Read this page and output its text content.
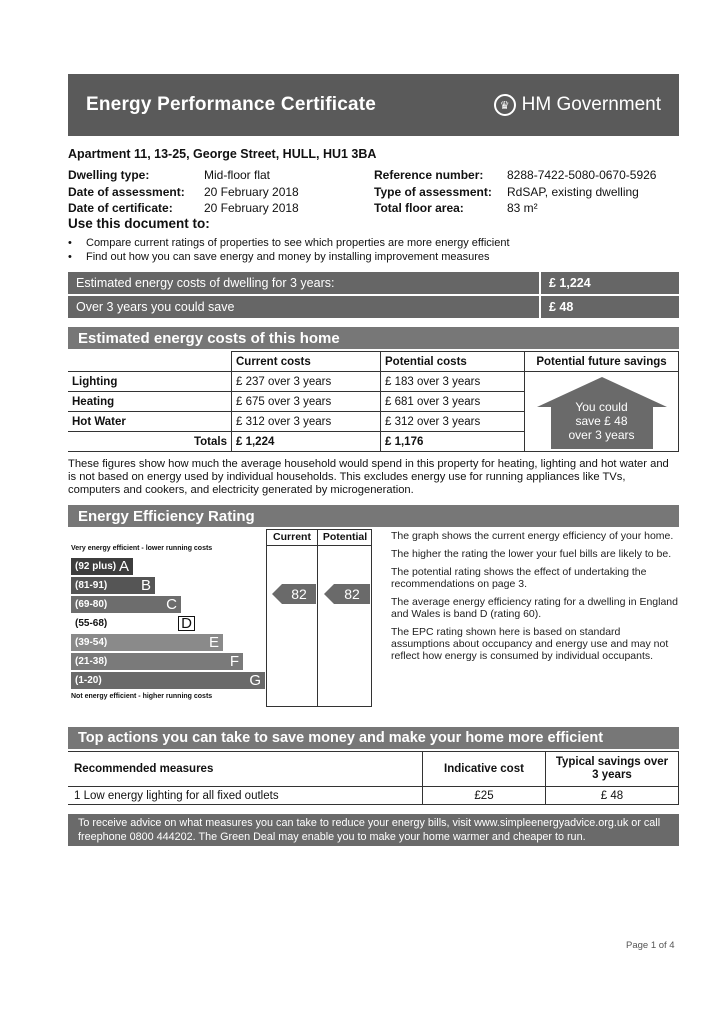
Energy Performance Certificate	♛ HM Government
Apartment 11, 13-25, George Street, HULL, HU1 3BA
Dwelling type:	Mid-floor flat
Date of assessment: 20 February 2018
Date of certificate:	20 February 2018
Reference number: 8288-7422-5080-0670-5926
Type of assessment: RdSAP, existing dwelling
Total floor area:	83 m²
Use this document to:
•	Compare current ratings of properties to see which properties are more energy efficient
•	Find out how you can save energy and money by installing improvement measures
Estimated energy costs of dwelling for 3 years:	£ 1,224
Over 3 years you could save	£ 48
Estimated energy costs of this home
	Current costs	Potential costs	Potential future savings
Lighting	£ 237 over 3 years	£ 183 over 3 years	You could
save £ 48
over 3 years

Heating	£ 675 over 3 years	£ 681 over 3 years	
Hot Water	£ 312 over 3 years	£ 312 over 3 years	
Totals	£ 1,224	£ 1,176	
These figures show how much the average household would spend in this property for heating, lighting and hot water and is not based on energy used by individual households. This excludes energy use for running appliances like TVs, computers and cookers, and electricity generated by microgeneration.
Energy Efficiency Rating
Current	Potential
Very energy efficient - lower running costs
(92 plus) A
(81-91) B
(69-80)	C
(55-68)	D
(39-54)	E
(21-38)	F
(1-20)	G
Not energy efficient - higher running costs
82	82
The graph shows the current energy efficiency of your home.
The higher the rating the lower your fuel bills are likely to be.
The potential rating shows the effect of undertaking the recommendations on page 3.
The average energy efficiency rating for a dwelling in England and Wales is band D (rating 60).
The EPC rating shown here is based on standard assumptions about occupancy and energy use and may not reflect how energy is consumed by individual occupants.
Top actions you can take to save money and make your home more efficient
Recommended measures	Indicative cost	Typical savings over 3 years
1 Low energy lighting for all fixed outlets	£25	£ 48
To receive advice on what measures you can take to reduce your energy bills, visit www.simpleenergyadvice.org.uk or call freephone 0800 444202. The Green Deal may enable you to make your home warmer and cheaper to run.
Page 1 of 4
